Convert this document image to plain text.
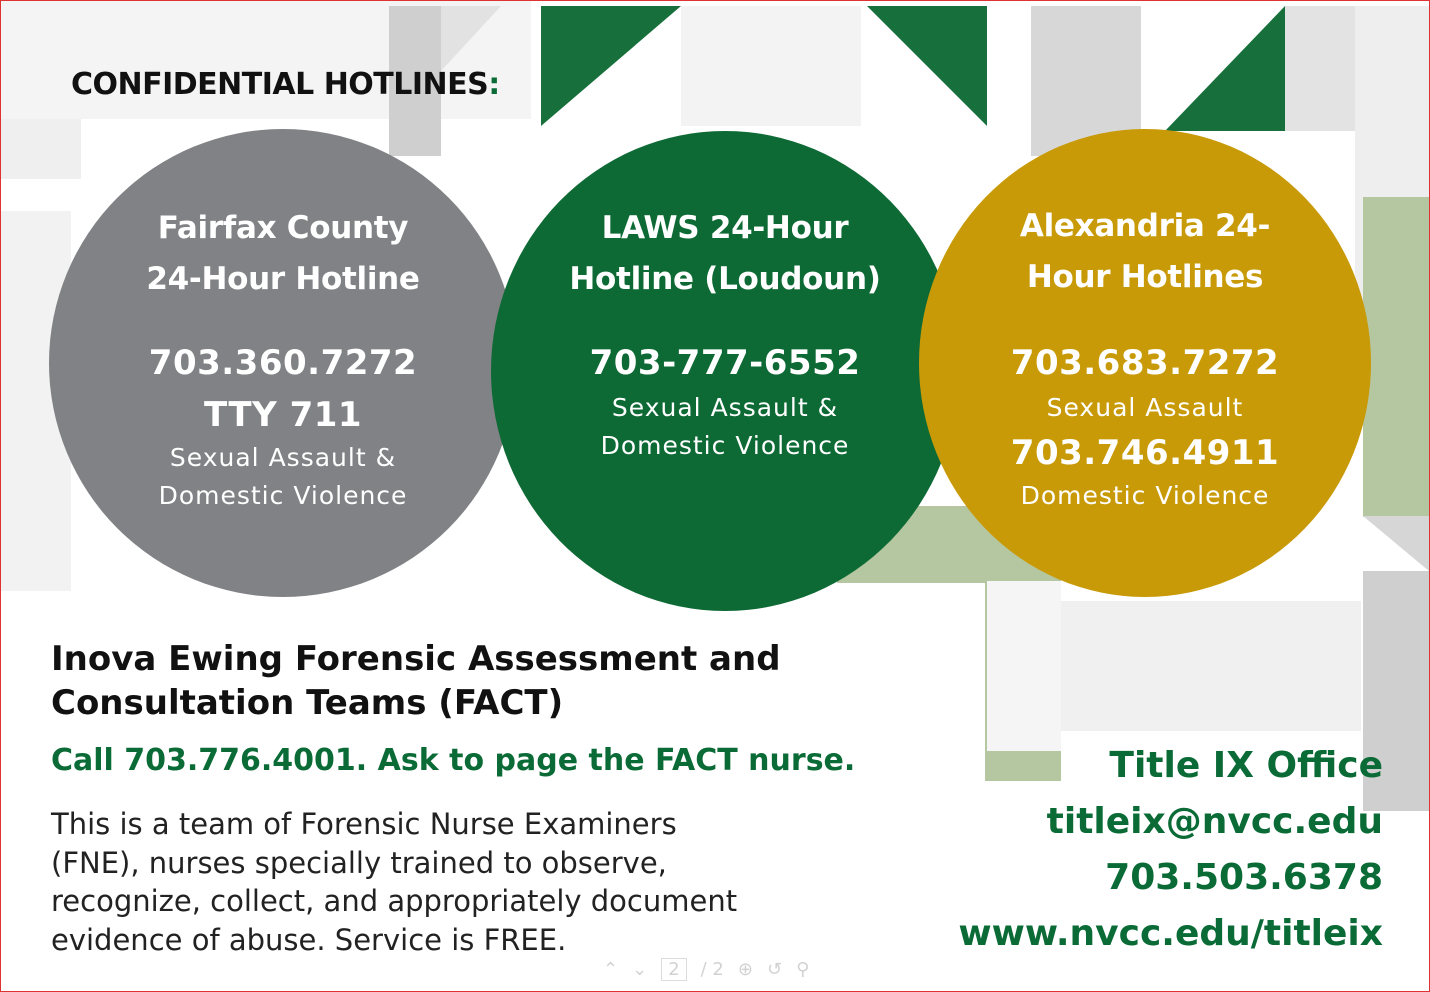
CONFIDENTIAL HOTLINES:
Fairfax County
24-Hour Hotline
703.360.7272
TTY 711
Sexual Assault &
Domestic Violence
LAWS 24-Hour
Hotline (Loudoun)
703-777-6552
Sexual Assault &
Domestic Violence
Alexandria 24-
Hour Hotlines
703.683.7272
Sexual Assault
703.746.4911
Domestic Violence
Inova Ewing Forensic Assessment and
Consultation Teams (FACT)
Call 703.776.4001. Ask to page the FACT nurse.
This is a team of Forensic Nurse Examiners
(FNE), nurses specially trained to observe,
recognize, collect, and appropriately document
evidence of abuse. Service is FREE.
Title IX Office
titleix@nvcc.edu
703.503.6378
www.nvcc.edu/titleix
⌃ ⌄	2	/ 2 ⊕ ↺ ⚲
